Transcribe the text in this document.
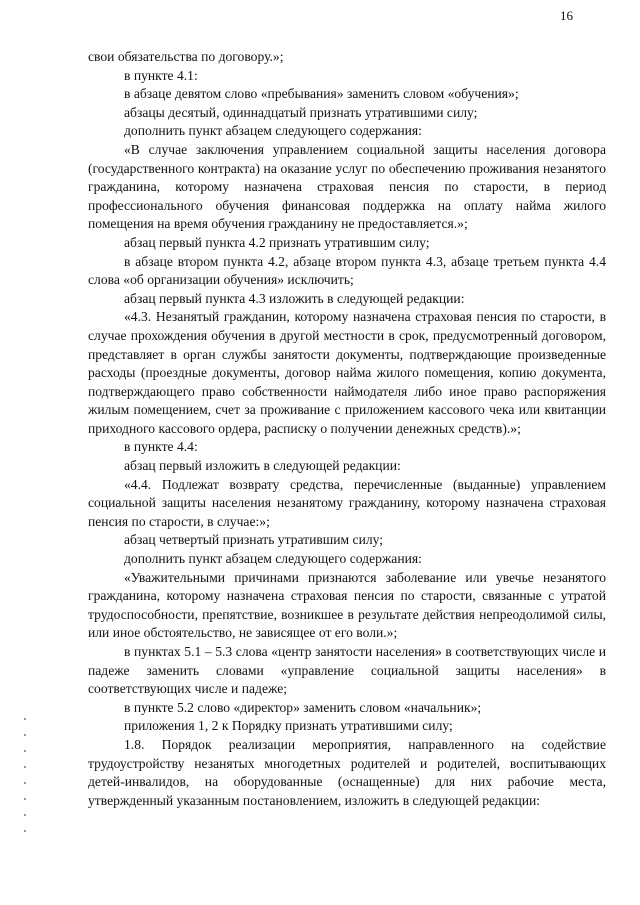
16

свои обязательства по договору.»;

в пункте 4.1:

в абзаце девятом слово «пребывания» заменить словом «обучения»;

абзацы десятый, одиннадцатый признать утратившими силу;

дополнить пункт абзацем следующего содержания:

«В случае заключения управлением социальной защиты населения договора (государственного контракта) на оказание услуг по обеспечению проживания незанятого гражданина, которому назначена страховая пенсия по старости, в период профессионального обучения финансовая поддержка на оплату найма жилого помещения на время обучения гражданину не предоставляется.»;

абзац первый пункта 4.2 признать утратившим силу;

в абзаце втором пункта 4.2, абзаце втором пункта 4.3, абзаце третьем пункта 4.4 слова «об организации обучения» исключить;

абзац первый пункта 4.3 изложить в следующей редакции:

«4.3. Незанятый гражданин, которому назначена страховая пенсия по старости, в случае прохождения обучения в другой местности в срок, предусмотренный договором, представляет в орган службы занятости документы, подтверждающие произведенные расходы (проездные документы, договор найма жилого помещения, копию документа, подтверждающего право собственности наймодателя либо иное право распоряжения жилым помещением, счет за проживание с приложением кассового чека или квитанции приходного кассового ордера, расписку о получении денежных средств).»;

в пункте 4.4:

абзац первый изложить в следующей редакции:

«4.4. Подлежат возврату средства, перечисленные (выданные) управлением социальной защиты населения незанятому гражданину, которому назначена страховая пенсия по старости, в случае:»;

абзац четвертый признать утратившим силу;

дополнить пункт абзацем следующего содержания:

«Уважительными причинами признаются заболевание или увечье незанятого гражданина, которому назначена страховая пенсия по старости, связанные с утратой трудоспособности, препятствие, возникшее в результате действия непреодолимой силы, или иное обстоятельство, не зависящее от его воли.»;

в пунктах 5.1 – 5.3 слова «центр занятости населения» в соответствующих числе и падеже заменить словами «управление социальной защиты населения» в соответствующих числе и падеже;

в пункте 5.2 слово «директор» заменить словом «начальник»;

приложения 1, 2 к Порядку признать утратившими силу;

1.8. Порядок реализации мероприятия, направленного на содействие трудоустройству незанятых многодетных родителей и родителей, воспитывающих детей-инвалидов, на оборудованные (оснащенные) для них рабочие места, утвержденный указанным постановлением, изложить в следующей редакции:
